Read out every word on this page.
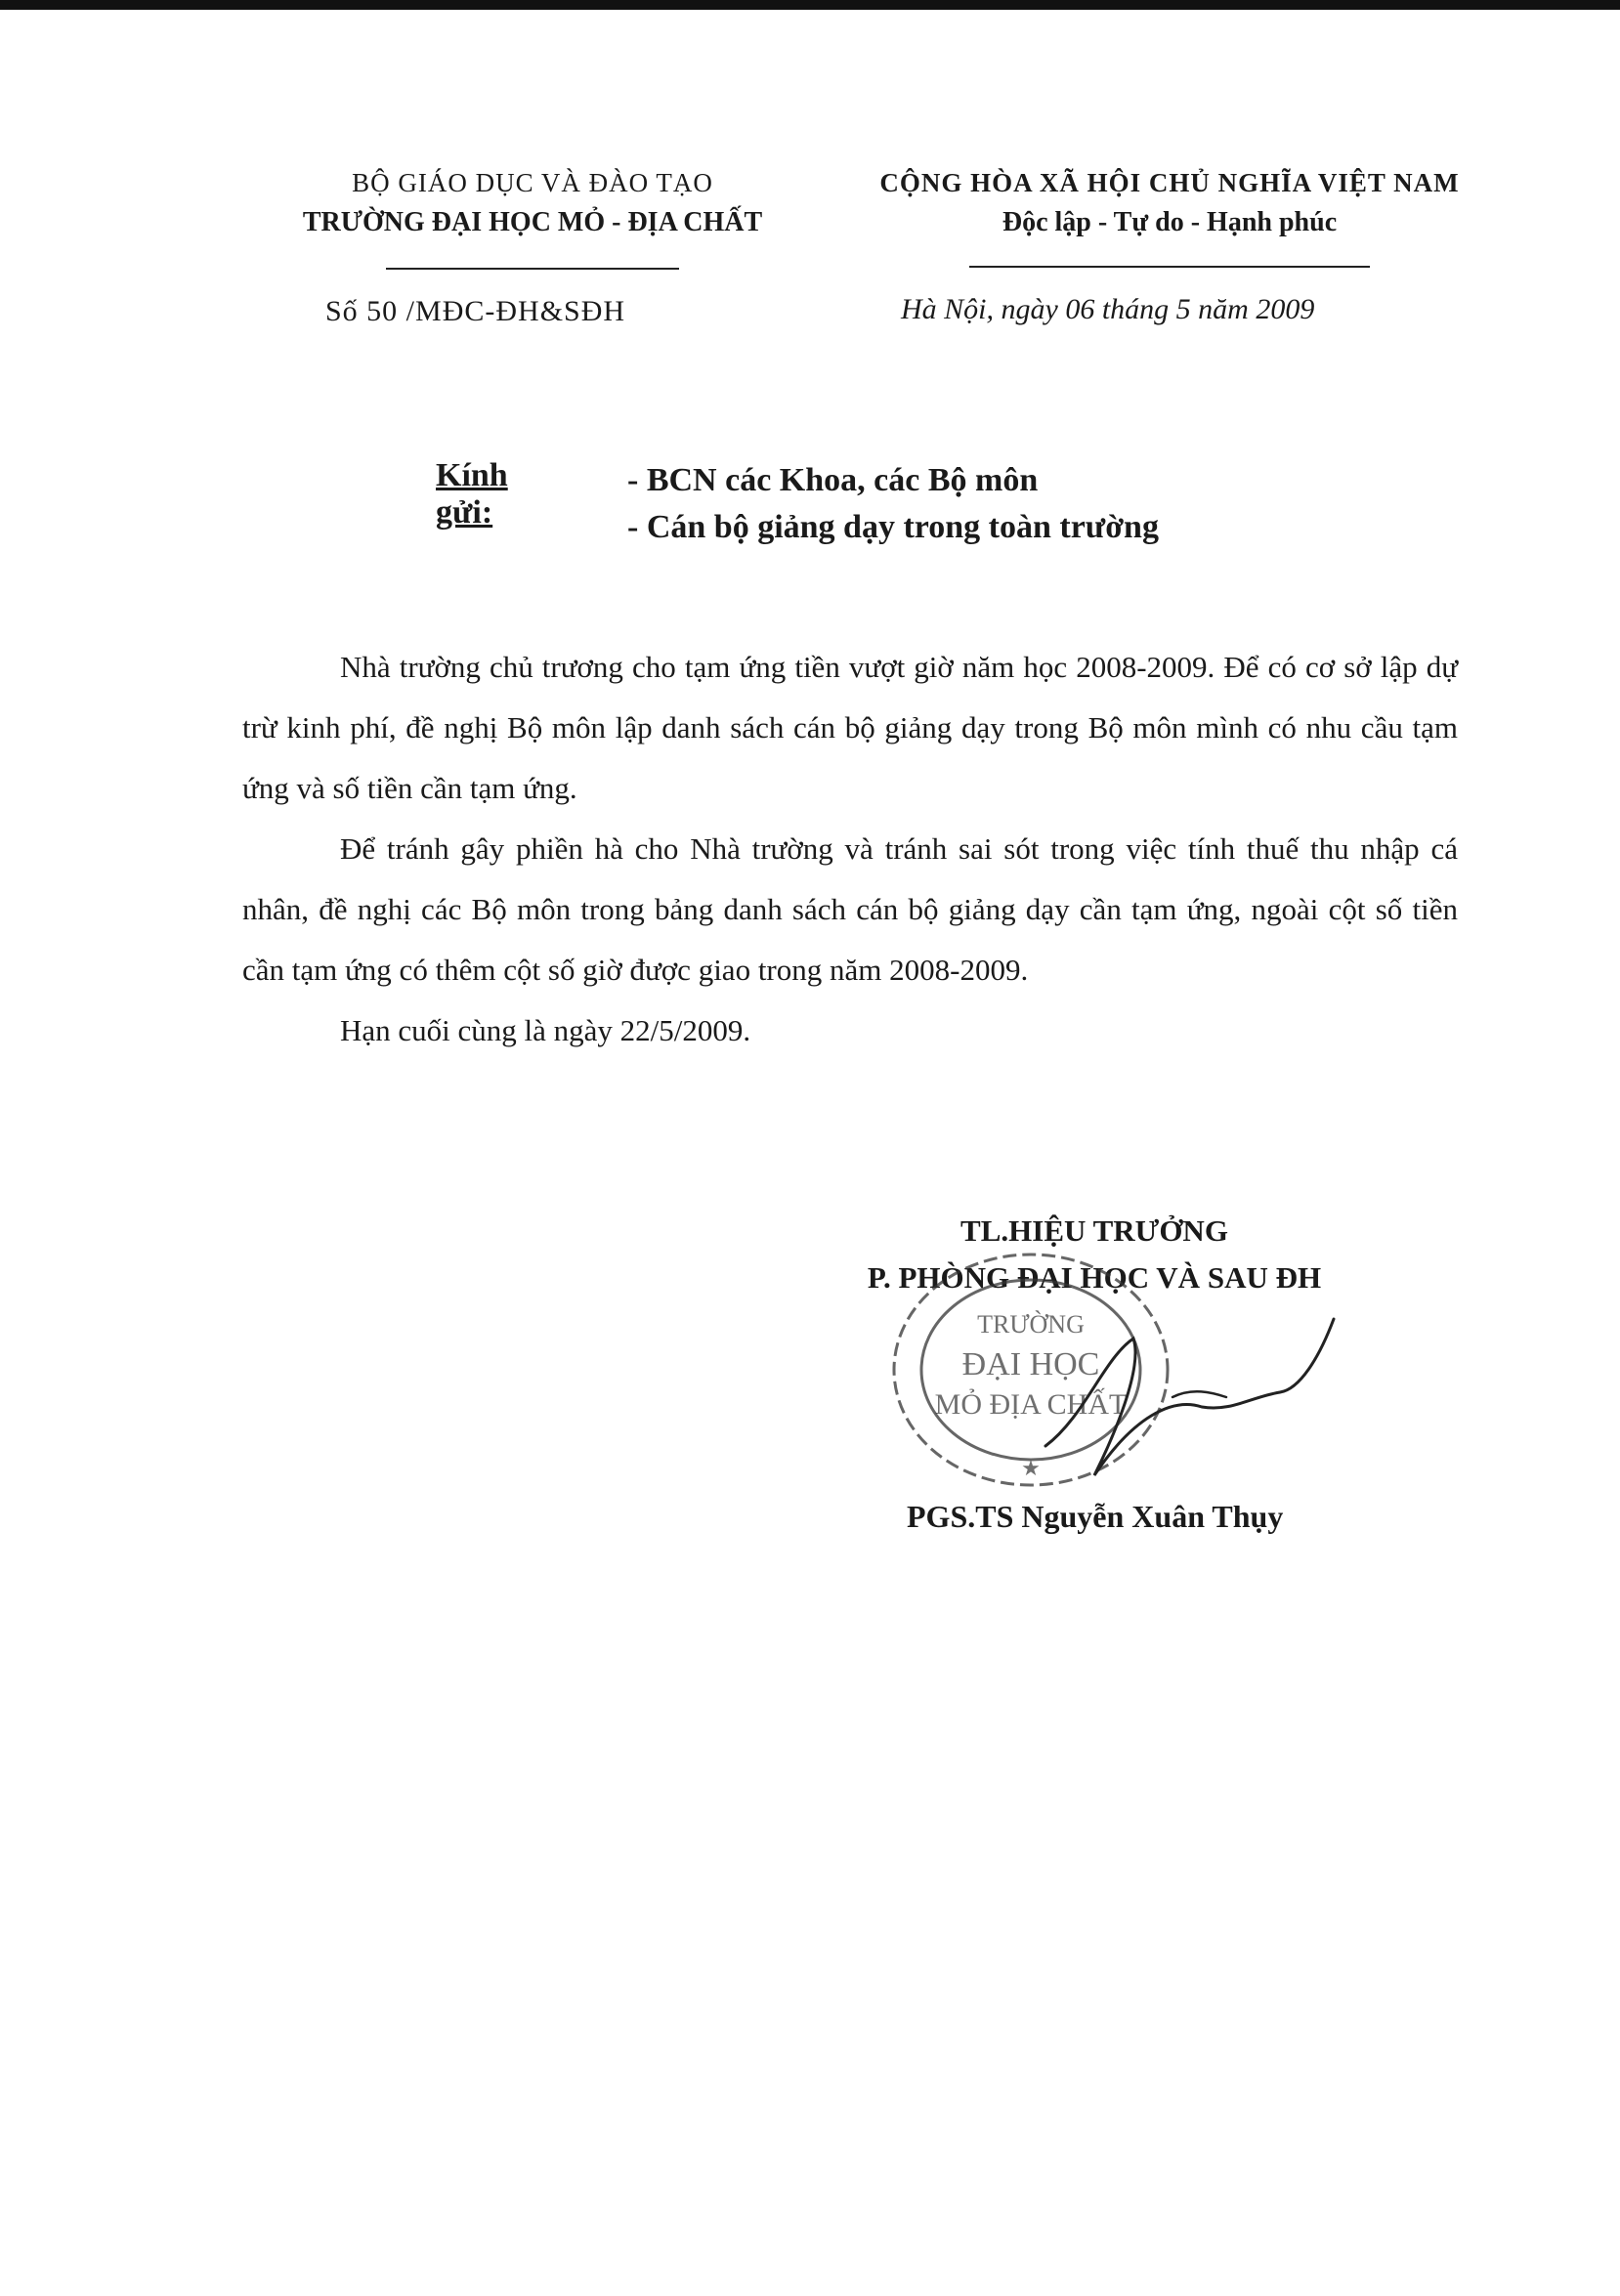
BỘ GIÁO DỤC VÀ ĐÀO TẠO
TRƯỜNG ĐẠI HỌC MỎ - ĐỊA CHẤT
CỘNG HÒA XÃ HỘI CHỦ NGHĨA VIỆT NAM
Độc lập - Tự do - Hạnh phúc
Số 50 /MĐC-ĐH&SĐH	Hà Nội, ngày 06 tháng 5 năm 2009
Kính gửi:
- BCN các Khoa, các Bộ môn
- Cán bộ giảng dạy trong toàn trường

Nhà trường chủ trương cho tạm ứng tiền vượt giờ năm học 2008-2009. Để có cơ sở lập dự trừ kinh phí, đề nghị Bộ môn lập danh sách cán bộ giảng dạy trong Bộ môn mình có nhu cầu tạm ứng và số tiền cần tạm ứng.

Để tránh gây phiền hà cho Nhà trường và tránh sai sót trong việc tính thuế thu nhập cá nhân, đề nghị các Bộ môn trong bảng danh sách cán bộ giảng dạy cần tạm ứng, ngoài cột số tiền cần tạm ứng có thêm cột số giờ được giao trong năm 2008-2009.

Hạn cuối cùng là ngày 22/5/2009.

TL.HIỆU TRƯỞNG
P. PHÒNG ĐẠI HỌC VÀ SAU ĐH
TRƯỜNG
ĐẠI HỌC
MỎ ĐỊA CHẤT
★
PGS.TS Nguyễn Xuân Thụy
